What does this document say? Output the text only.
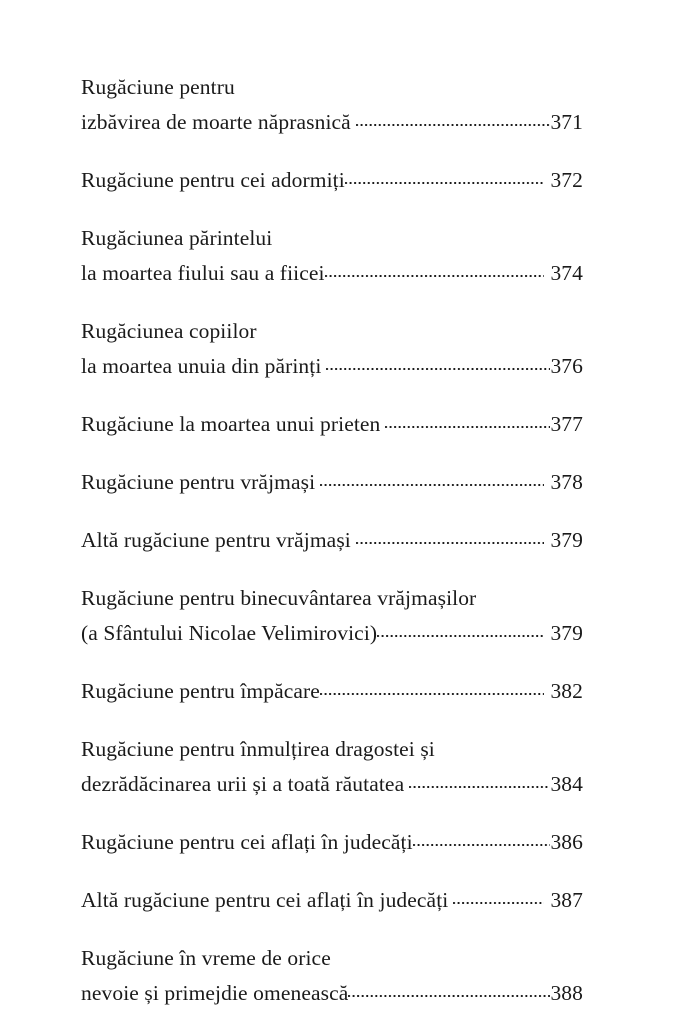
Rugăciune pentru
izbăvirea de moarte năprasnică	371
Rugăciune pentru cei adormiți	372
Rugăciunea părintelui
la moartea fiului sau a fiicei	374
Rugăciunea copiilor
la moartea unuia din părinți	376
Rugăciune la moartea unui prieten	377
Rugăciune pentru vrăjmași	378
Altă rugăciune pentru vrăjmași	379
Rugăciune pentru binecuvântarea vrăjmașilor
(a Sfântului Nicolae Velimirovici)	379
Rugăciune pentru împăcare	382
Rugăciune pentru înmulțirea dragostei și
dezrădăcinarea urii și a toată răutatea	384
Rugăciune pentru cei aflați în judecăți	386
Altă rugăciune pentru cei aflați în judecăți	387
Rugăciune în vreme de orice
nevoie și primejdie omenească	388
